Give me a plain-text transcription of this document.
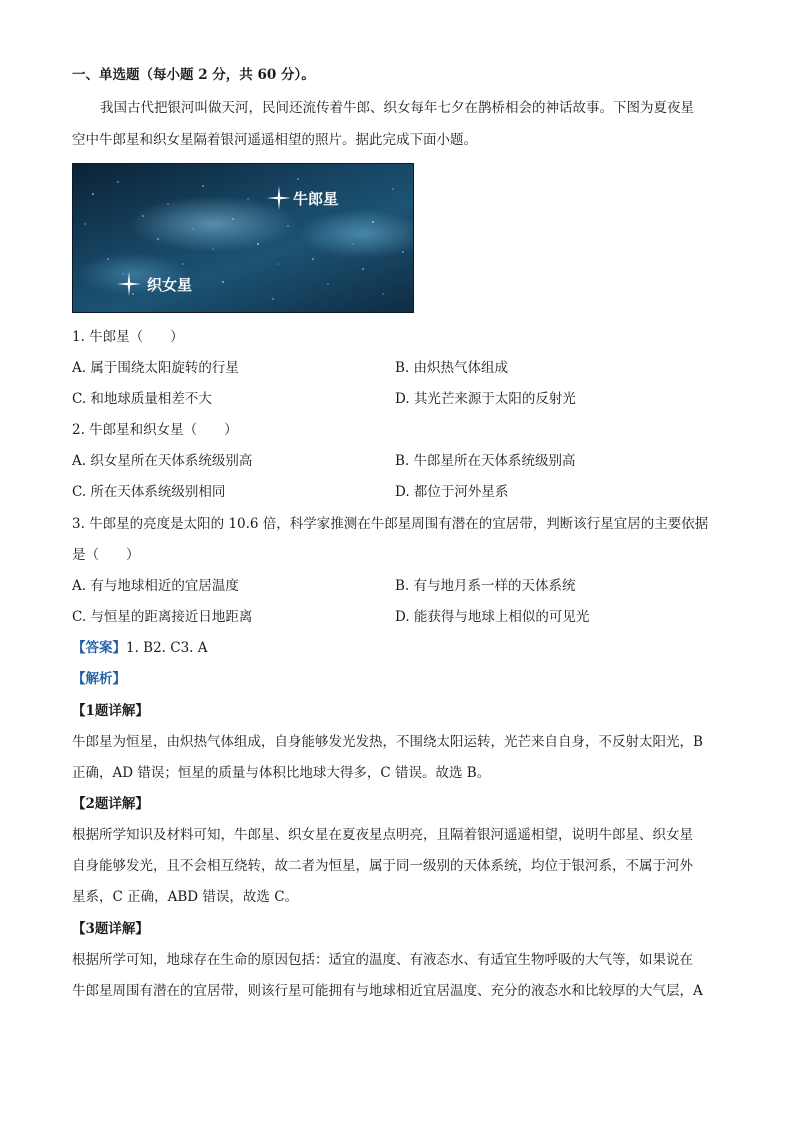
一、单选题（每小题 2 分，共 60 分）。
我国古代把银河叫做天河，民间还流传着牛郎、织女每年七夕在鹊桥相会的神话故事。下图为夏夜星
空中牛郎星和织女星隔着银河遥遥相望的照片。据此完成下面小题。
牛郎星
织女星
1. 牛郎星（　　）
A. 属于围绕太阳旋转的行星	B. 由炽热气体组成
C. 和地球质量相差不大	D. 其光芒来源于太阳的反射光
2. 牛郎星和织女星（　　）
A. 织女星所在天体系统级别高	B. 牛郎星所在天体系统级别高
C. 所在天体系统级别相同	D. 都位于河外星系
3. 牛郎星的亮度是太阳的 10.6 倍，科学家推测在牛郎星周围有潜在的宜居带，判断该行星宜居的主要依据
是（　　）
A. 有与地球相近的宜居温度	B. 有与地月系一样的天体系统
C. 与恒星的距离接近日地距离	D. 能获得与地球上相似的可见光
【答案】1. B2. C3. A
【解析】
【1题详解】
牛郎星为恒星，由炽热气体组成，自身能够发光发热，不围绕太阳运转，光芒来自自身，不反射太阳光，B
正确，AD 错误；恒星的质量与体积比地球大得多，C 错误。故选 B。
【2题详解】
根据所学知识及材料可知，牛郎星、织女星在夏夜星点明亮，且隔着银河遥遥相望，说明牛郎星、织女星
自身能够发光，且不会相互绕转，故二者为恒星，属于同一级别的天体系统，均位于银河系，不属于河外
星系，C 正确，ABD 错误，故选 C。
【3题详解】
根据所学可知，地球存在生命的原因包括：适宜的温度、有液态水、有适宜生物呼吸的大气等，如果说在
牛郎星周围有潜在的宜居带，则该行星可能拥有与地球相近宜居温度、充分的液态水和比较厚的大气层，A
